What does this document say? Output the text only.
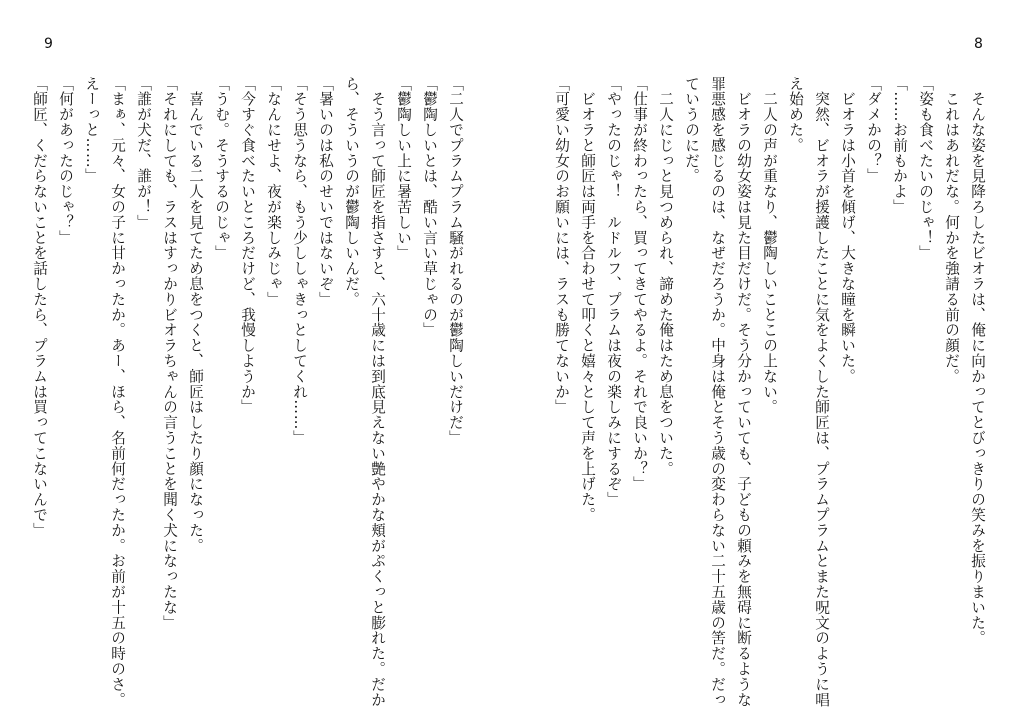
9

「二人でプラムプラム騒がれるのが鬱陶しいだけだ」

「鬱陶しいとは、酷い言い草じゃの」

「鬱陶しい上に暑苦しい」

　そう言って師匠を指さすと、六十歳には到底見えない艶やかな頬がぷくっと膨れた。だか

ら、そういうのが鬱陶しいんだ。

「暑いのは私のせいではないぞ」

「そう思うなら、もう少ししゃきっとしてくれ……」

「なんにせよ、夜が楽しみじゃ」

「今すぐ食べたいところだけど、我慢しようか」

「うむ。そうするのじゃ」

　喜んでいる二人を見てため息をつくと、師匠はしたり顔になった。

「それにしても、ラスはすっかりビオラちゃんの言うことを聞く犬になったな」

「誰が犬だ、誰が！」

「まぁ、元々、女の子に甘かったか。あー、ほら、名前何だったか。お前が十五の時のさ。

えーっと……」

「何があったのじゃ？」

「師匠、くだらないことを話したら、プラムは買ってこないんで」

8

　そんな姿を見降ろしたビオラは、俺に向かってとびっきりの笑みを振りまいた。

　これはあれだな。何かを強請る前の顔だ。

「姿も食べたいのじゃ！」

「……お前もかよ」

「ダメかの？」

　ビオラは小首を傾げ、大きな瞳を瞬いた。

　突然、ビオラが援護したことに気をよくした師匠は、プラムプラムとまた呪文のように唱

え始めた。

　二人の声が重なり、鬱陶しいことこの上ない。

　ビオラの幼女姿は見た目だけだ。そう分かっていても、子どもの頼みを無碍に断るような

罪悪感を感じるのは、なぜだろうか。中身は俺とそう歳の変わらない二十五歳の筈だ。だっ

ていうのにだ。

　二人にじっと見つめられ、諦めた俺はため息をついた。

「仕事が終わったら、買ってきてやるよ。それで良いか？」

「やったのじゃ！　ルドルフ、プラムは夜の楽しみにするぞ」

　ビオラと師匠は両手を合わせて叩くと嬉々として声を上げた。

「可愛い幼女のお願いには、ラスも勝てないか」
